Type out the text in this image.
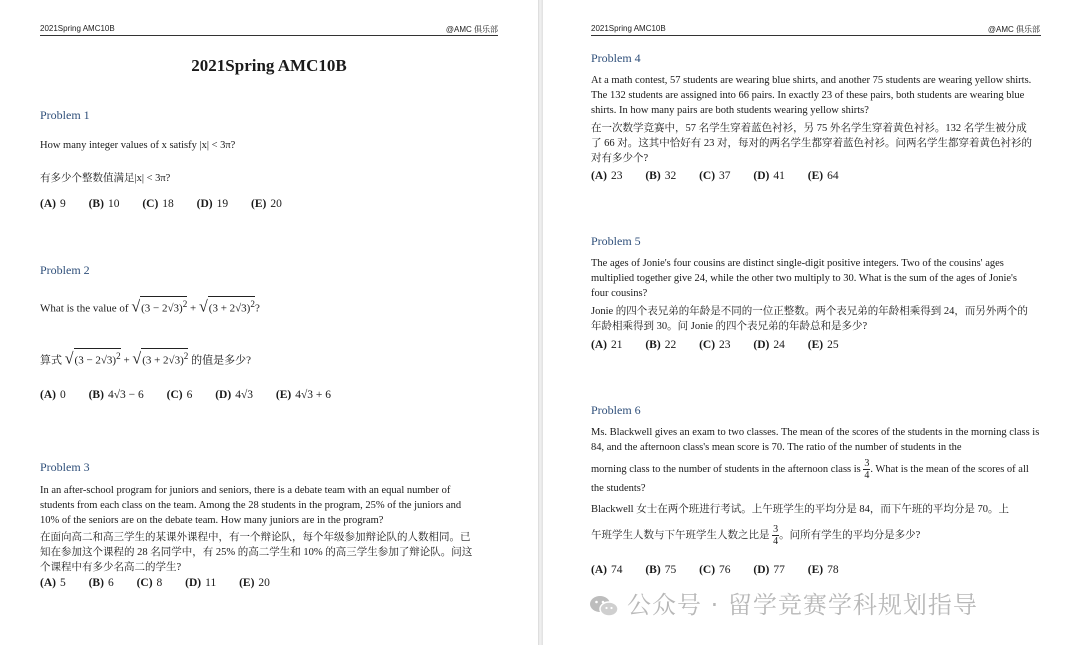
2021Spring AMC10B	@AMC 俱乐部
2021Spring AMC10B
Problem 1
How many integer values of x satisfy |x| < 3π?
有多少个整数值满足|x| < 3π?
(A) 9 (B) 10 (C) 18 (D) 19 (E) 20
Problem 2
What is the value of $√(3 - 2√3)^2 + √(3 + 2√3)^2$?
算式 $√(3 - 2√3)^2 + √(3 + 2√3)^2$ 的值是多少?
(A) 0 (B) 4√3 − 6 (C) 6 (D) 4√3 (E) 4√3 + 6
Problem 3
In an after-school program for juniors and seniors, there is a debate team with an equal number of students from each class on the team. Among the 28 students in the program, 25% of the juniors and 10% of the seniors are on the debate team. How many juniors are in the program?
在面向高二和高三学生的某课外课程中，有一个辩论队，每个年级参加辩论队的人数相同。已知在参加这个课程的 28 名同学中，有 25% 的高二学生和 10% 的高三学生参加了辩论队。问这个课程中有多少名高二的学生?
(A) 5 (B) 6 (C) 8 (D) 11 (E) 20
2021Spring AMC10B	@AMC 俱乐部
Problem 4
At a math contest, 57 students are wearing blue shirts, and another 75 students are wearing yellow shirts. The 132 students are assigned into 66 pairs. In exactly 23 of these pairs, both students are wearing blue shirts. In how many pairs are both students wearing yellow shirts?
在一次数学竞赛中，57 名学生穿着蓝色衬衫，另 75 外名学生穿着黄色衬衫。132 名学生被分成了 66 对。这其中恰好有 23 对，每对的两名学生都穿着蓝色衬衫。问两名学生都穿着黄色衬衫的对有多少个?
(A) 23 (B) 32 (C) 37 (D) 41 (E) 64
Problem 5
The ages of Jonie's four cousins are distinct single-digit positive integers. Two of the cousins' ages multiplied together give 24, while the other two multiply to 30. What is the sum of the ages of Jonie's four cousins?
Jonie 的四个表兄弟的年龄是不同的一位正整数。两个表兄弟的年龄相乘得到 24，而另外两个的年龄相乘得到 30。问 Jonie 的四个表兄弟的年龄总和是多少?
(A) 21 (B) 22 (C) 23 (D) 24 (E) 25
Problem 6
Ms. Blackwell gives an exam to two classes. The mean of the scores of the students in the morning class is 84, and the afternoon class's mean score is 70. The ratio of the number of students in the
morning class to the number of students in the afternoon class is $\frac{3}{4}$ . What is the mean of the scores of all the students?
Blackwell 女士在两个班进行考试。上午班学生的平均分是 84，而下午班的平均分是 70。上
午班学生人数与下午班学生人数之比是 $\frac{3}{4}$ 。问所有学生的平均分是多少?
(A) 74 (B) 75 (C) 76 (D) 77 (E) 78
公众号 · 留学竞赛学科规划指导
